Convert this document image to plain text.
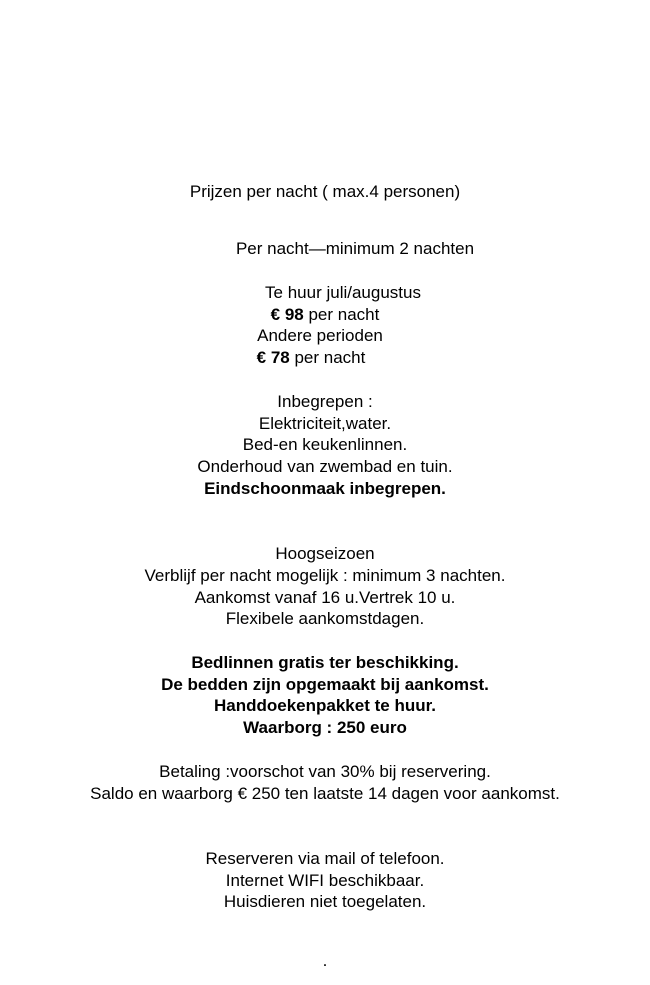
Prijzen per nacht ( max.4 personen)
Per nacht—minimum 2 nachten
Te huur juli/augustus
€ 98 per nacht
Andere perioden
€ 78 per nacht
Inbegrepen :
Elektriciteit,water.
Bed-en keukenlinnen.
Onderhoud van zwembad en tuin.
Eindschoonmaak inbegrepen.
Hoogseizoen
Verblijf per nacht mogelijk : minimum 3 nachten.
Aankomst vanaf 16 u.Vertrek 10 u.
Flexibele aankomstdagen.
Bedlinnen gratis ter beschikking.
De bedden zijn opgemaakt bij aankomst.
Handdoekenpakket te huur.
Waarborg : 250 euro
Betaling :voorschot van 30% bij reservering.
Saldo en waarborg € 250 ten laatste 14 dagen voor aankomst.
Reserveren via mail of telefoon.
Internet WIFI beschikbaar.
Huisdieren niet toegelaten.
.
